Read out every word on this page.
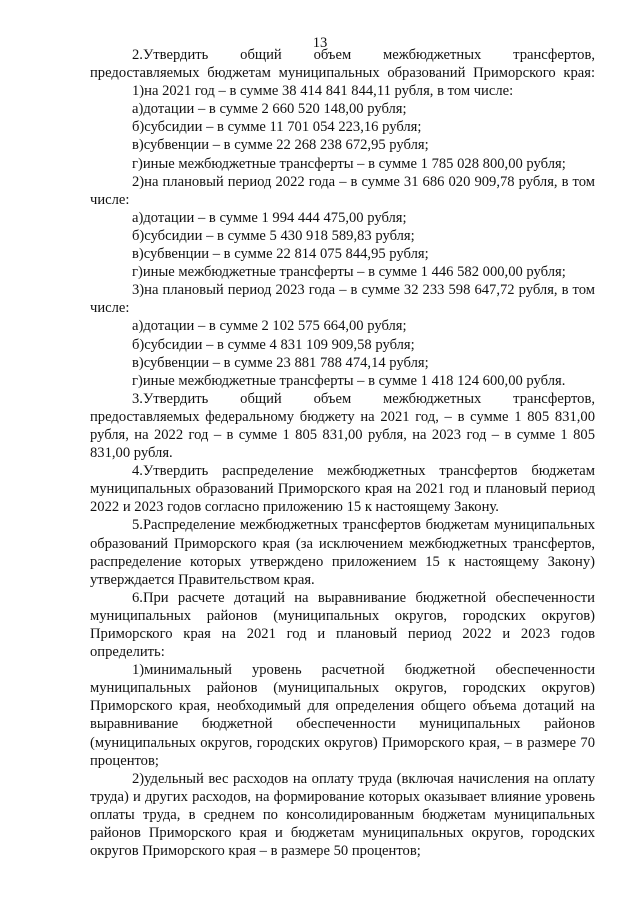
13

2.Утвердить общий объем межбюджетных трансфертов, предоставляемых бюджетам муниципальных образований Приморского края:

1)на 2021 год – в сумме 38 414 841 844,11 рубля, в том числе:

а)дотации – в сумме 2 660 520 148,00 рубля;

б)субсидии – в сумме 11 701 054 223,16 рубля;

в)субвенции – в сумме 22 268 238 672,95 рубля;

г)иные межбюджетные трансферты – в сумме 1 785 028 800,00 рубля;

2)на плановый период 2022 года – в сумме 31 686 020 909,78 рубля, в том числе:

а)дотации – в сумме 1 994 444 475,00 рубля;

б)субсидии – в сумме 5 430 918 589,83 рубля;

в)субвенции – в сумме 22 814 075 844,95 рубля;

г)иные межбюджетные трансферты – в сумме 1 446 582 000,00 рубля;

3)на плановый период 2023 года – в сумме 32 233 598 647,72 рубля, в том числе:

а)дотации – в сумме 2 102 575 664,00 рубля;

б)субсидии – в сумме 4 831 109 909,58 рубля;

в)субвенции – в сумме 23 881 788 474,14 рубля;

г)иные межбюджетные трансферты – в сумме 1 418 124 600,00 рубля.

3.Утвердить общий объем межбюджетных трансфертов, предоставляемых федеральному бюджету на 2021 год, – в сумме 1 805 831,00 рубля, на 2022 год – в сумме 1 805 831,00 рубля, на 2023 год – в сумме 1 805 831,00 рубля.

4.Утвердить распределение межбюджетных трансфертов бюджетам муниципальных образований Приморского края на 2021 год и плановый период 2022 и 2023 годов согласно приложению 15 к настоящему Закону.

5.Распределение межбюджетных трансфертов бюджетам муниципальных образований Приморского края (за исключением межбюджетных трансфертов, распределение которых утверждено приложением 15 к настоящему Закону) утверждается Правительством края.

6.При расчете дотаций на выравнивание бюджетной обеспеченности муниципальных районов (муниципальных округов, городских округов) Приморского края на 2021 год и плановый период 2022 и 2023 годов определить:

1)минимальный уровень расчетной бюджетной обеспеченности муниципальных районов (муниципальных округов, городских округов) Приморского края, необходимый для определения общего объема дотаций на выравнивание бюджетной обеспеченности муниципальных районов (муниципальных округов, городских округов) Приморского края, – в размере 70 процентов;

2)удельный вес расходов на оплату труда (включая начисления на оплату труда) и других расходов, на формирование которых оказывает влияние уровень оплаты труда, в среднем по консолидированным бюджетам муниципальных районов Приморского края и бюджетам муниципальных округов, городских округов Приморского края – в размере 50 процентов;
